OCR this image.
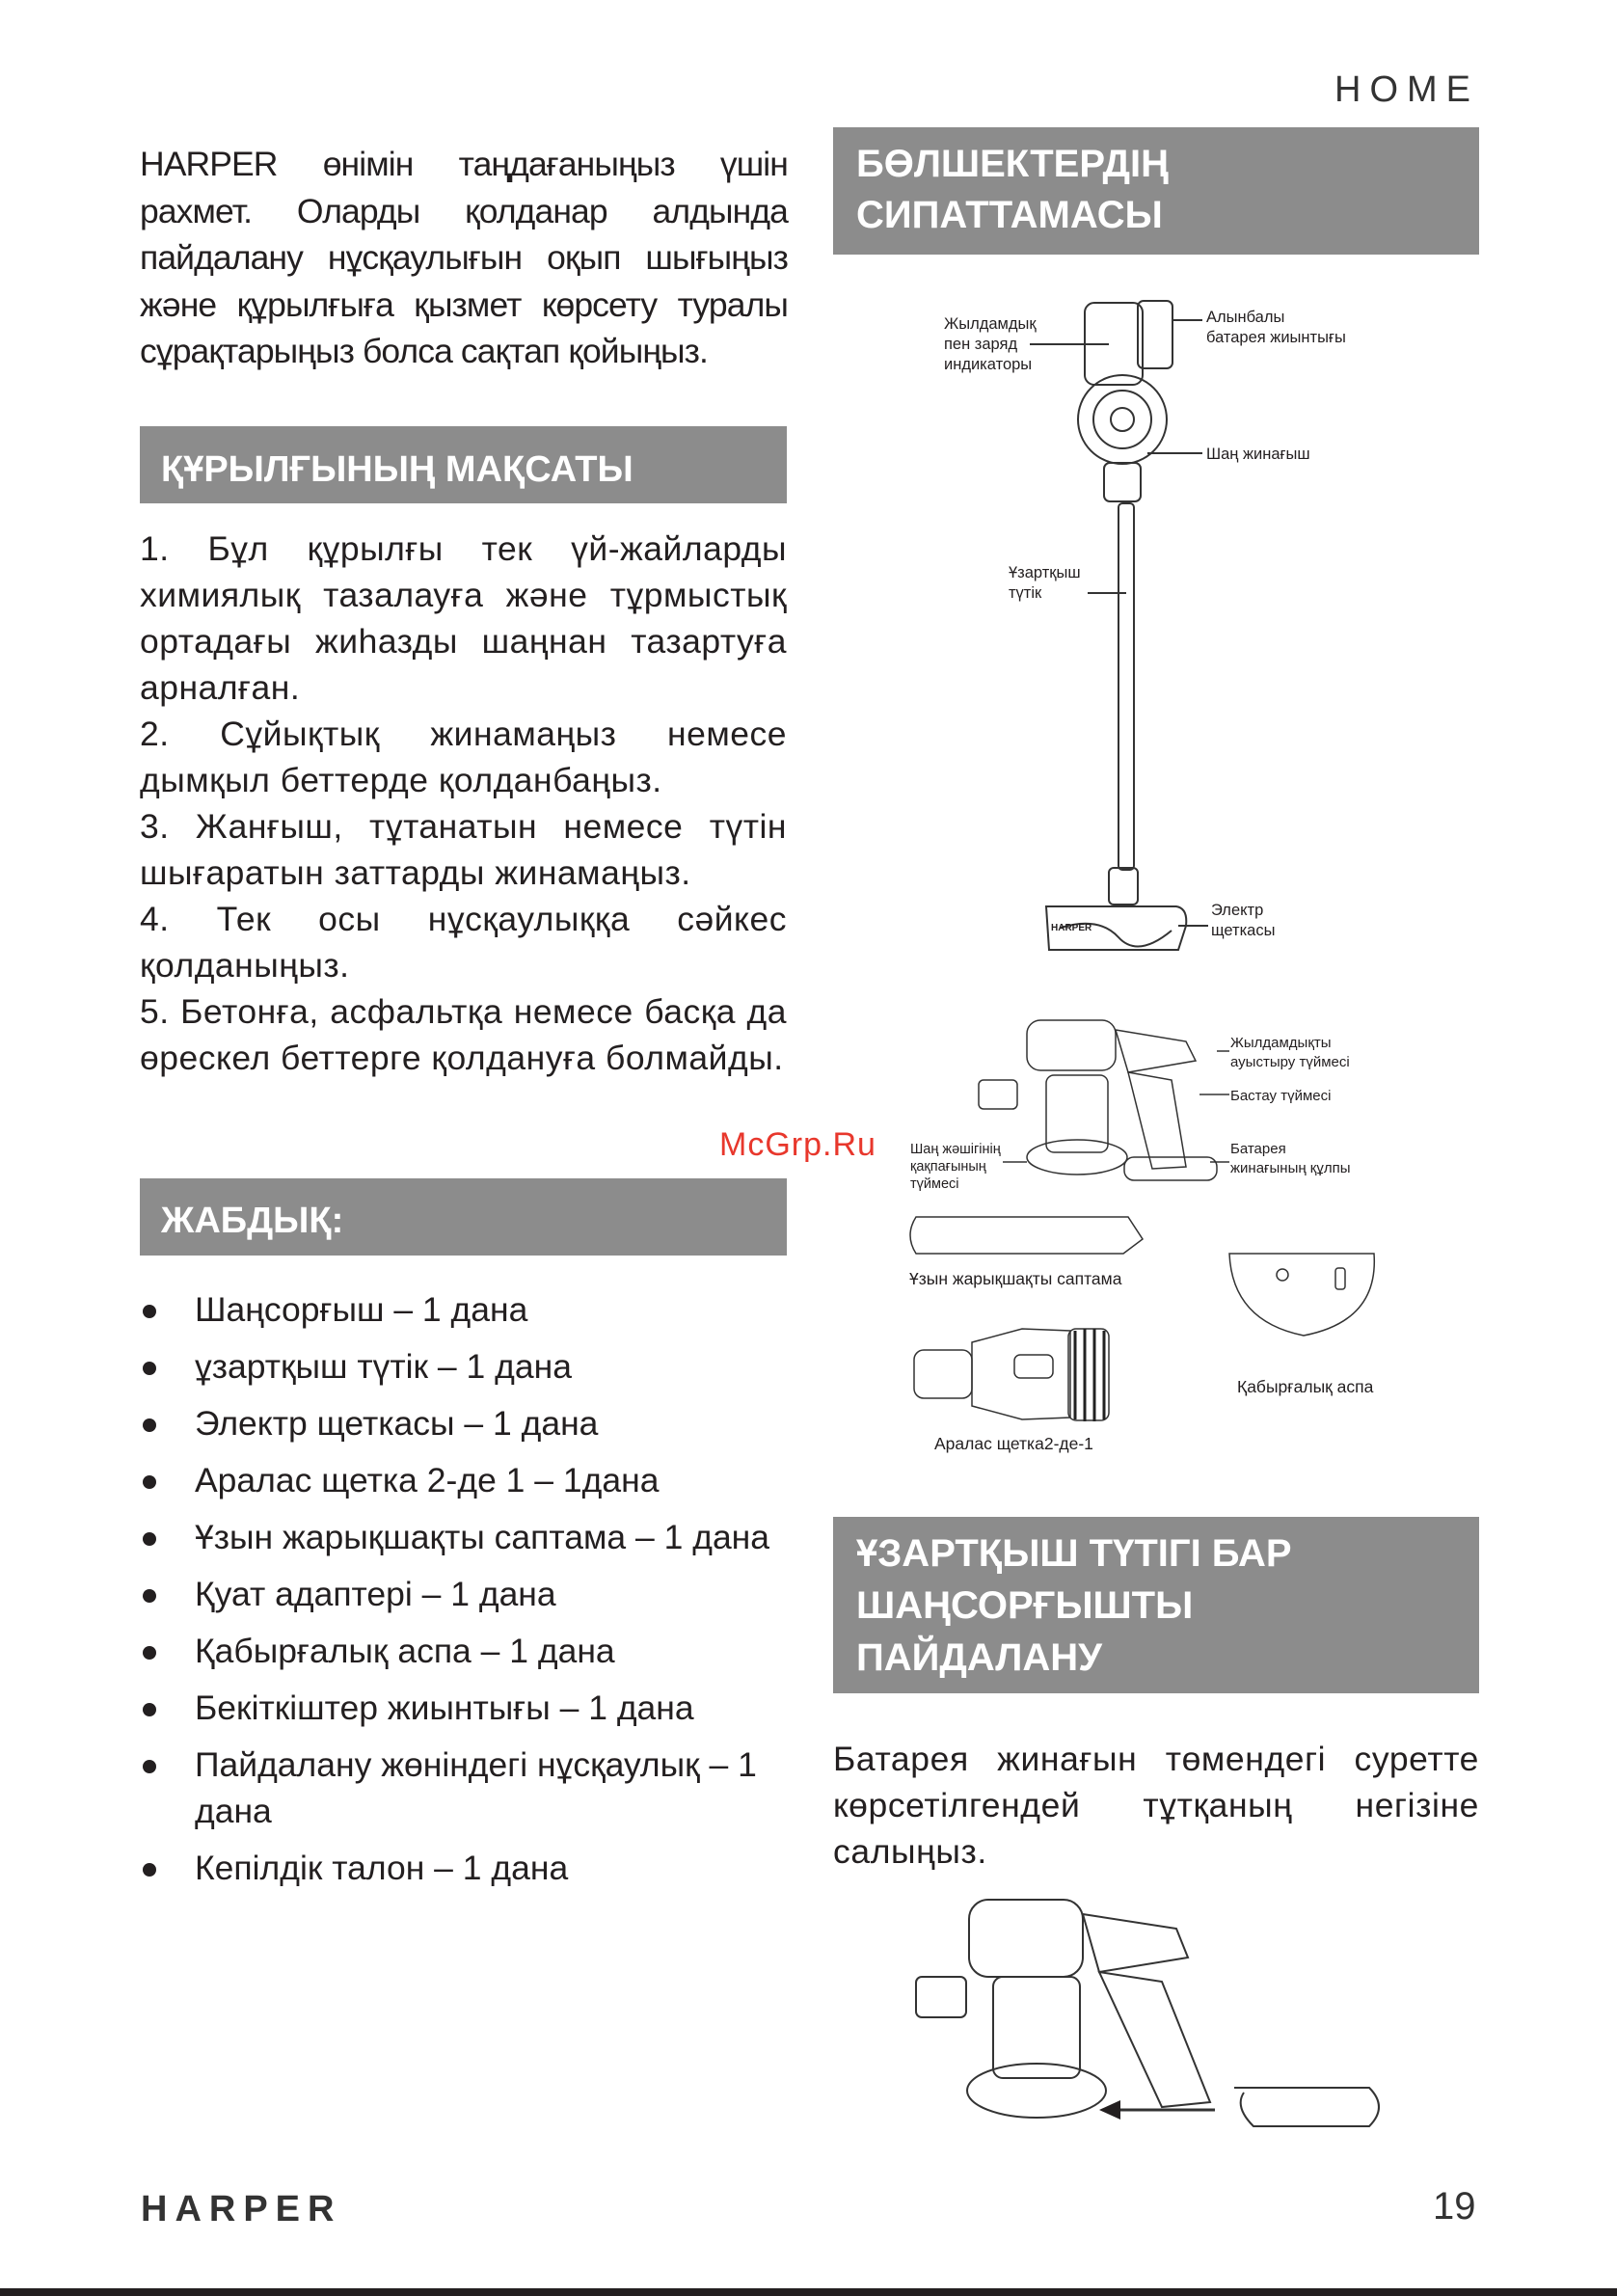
HOME
HARPER өнімін таңдағаныңыз үшін рахмет. Оларды қолданар алдында пайдалану нұсқаулығын оқып шығыңыз және құрылғыға қызмет көрсету туралы сұрақтарыңыз болса сақтап қойыңыз.
ҚҰРЫЛҒЫНЫҢ МАҚСАТЫ

1. Бұл құрылғы тек үй-жайларды химиялық тазалауға және тұрмыстық ортадағы жиһазды шаңнан тазартуға арналған.

2. Сұйықтық жинамаңыз немесе дымқыл беттерде қолданбаңыз.

3. Жанғыш, тұтанатын немесе түтін шығаратын заттарды жинамаңыз.

4. Тек осы нұсқаулыққа сәйкес қолданыңыз.

5. Бетонға, асфальтқа немесе басқа да өрескел беттерге қолдануға болмайды.

McGrp.Ru
ЖАБДЫҚ:
Шаңсорғыш – 1 дана
ұзартқыш түтік – 1 дана
Электр щеткасы – 1 дана
Аралас щетка 2-де 1 – 1дана
Ұзын жарықшақты саптама – 1 дана
Қуат адаптері – 1 дана
Қабырғалық аспа – 1 дана
Бекіткіштер жиынтығы – 1 дана
Пайдалану жөніндегі нұсқаулық – 1 дана
Кепілдік талон – 1 дана
БӨЛШЕКТЕРДІҢ
СИПАТТАМАСЫ
HARPER
Жылдамдық
пен заряд
индикаторы
Алынбалы
батарея жиынтығы
Шаң жинағыш
Ұзартқыш
түтік
Электр
щеткасы
Жылдамдықты
ауыстыру түймесі
Бастау түймесі
Батарея
жинағының құлпы
Шаң жәшігінің
қақпағының
түймесі
Ұзын жарықшақты саптама
Қабырғалық аспа
Аралас щетка2-де-1
ҰЗАРТҚЫШ ТҮТІГІ БАР
ШАҢСОРҒЫШТЫ
ПАЙДАЛАНУ
Батарея жинағын төмендегі суретте көрсетілгендей тұтқаның негізіне салыңыз.
HARPER	19
